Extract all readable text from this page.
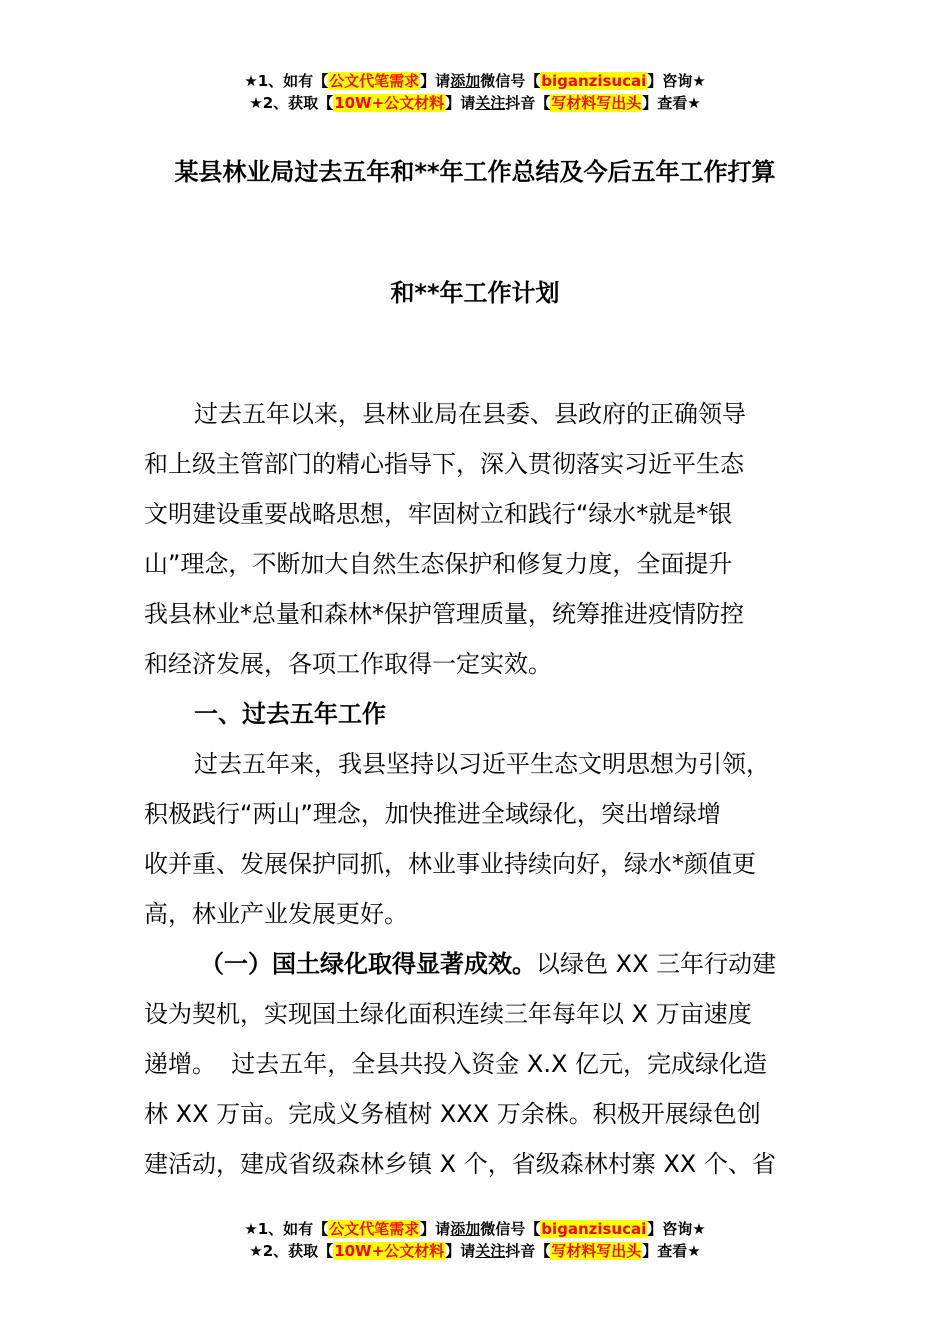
★1、如有【公文代笔需求】请添加微信号【biganzisucai】咨询★
★2、获取【10W+公文材料】请关注抖音【写材料写出头】查看★
某县林业局过去五年和**年工作总结及今后五年工作打算
和**年工作计划
过去五年以来，县林业局在县委、县政府的正确领导
和上级主管部门的精心指导下，深入贯彻落实习近平生态
文明建设重要战略思想，牢固树立和践行“绿水*就是*银
山”理念，不断加大自然生态保护和修复力度，全面提升
我县林业*总量和森林*保护管理质量，统筹推进疫情防控
和经济发展，各项工作取得一定实效。
一、过去五年工作
过去五年来，我县坚持以习近平生态文明思想为引领，
积极践行“两山”理念，加快推进全域绿化，突出增绿增
收并重、发展保护同抓，林业事业持续向好，绿水*颜值更
高，林业产业发展更好。
（一）国土绿化取得显著成效。以绿色 XX 三年行动建
设为契机，实现国土绿化面积连续三年每年以 X 万亩速度
递增。  过去五年，全县共投入资金 X.X 亿元，完成绿化造
林 XX 万亩。完成义务植树 XXX 万余株。积极开展绿色创
建活动，建成省级森林乡镇 X 个，省级森林村寨 XX 个、省
★1、如有【公文代笔需求】请添加微信号【biganzisucai】咨询★
★2、获取【10W+公文材料】请关注抖音【写材料写出头】查看★
